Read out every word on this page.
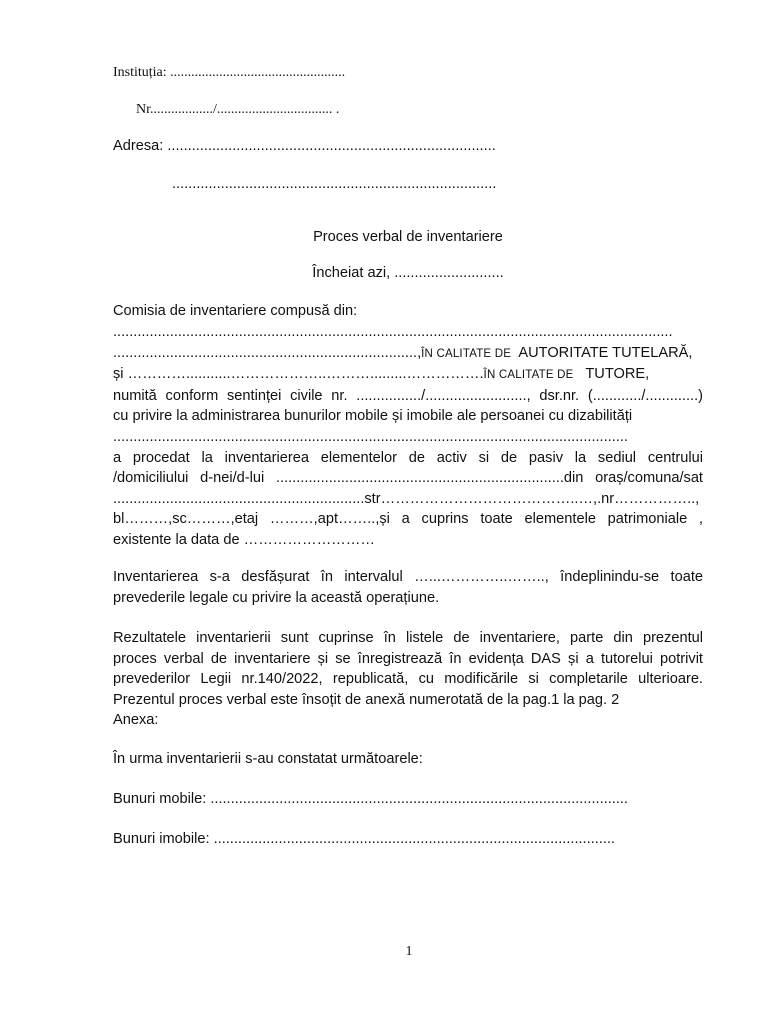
Instituția: ..................................................
Nr................../................................. .
Adresa: .................................................................................
................................................................................
Proces verbal de inventariere
Încheiat azi, ...........................
Comisia de inventariere compusă din:
..........................................................................................................................................
...........................................................................,ÎN CALITATE DE AUTORITATE TUTELARĂ,
și …………...........………………..……….........…………….ÎN CALITATE DE TUTORE,
numită conform sentinței civile nr. ................/........................., dsr.nr. (............/.............)
cu privire la administrarea bunurilor mobile și imobile ale persoanei cu dizabilități
...............................................................................................................................
a procedat la inventarierea elementelor de activ si de pasiv la sediul centrului
/domiciliului d-nei/d-lui .......................................................................din oraș/comuna/sat
..............................................................str…………………………………..…,.nr……………..,
bl………,sc………,etaj ………,apt……..,și a cuprins toate elementele patrimoniale ,
existente la data de ………………………
Inventarierea s-a desfășurat în intervalul …...…………..…….., îndeplinindu-se toate
prevederile legale cu privire la această operațiune.
Rezultatele inventarierii sunt cuprinse în listele de inventariere, parte din prezentul
proces verbal de inventariere și se înregistrează în evidența DAS și a tutorelui potrivit
prevederilor Legii nr.140/2022, republicată, cu modificările si completarile ulterioare.
Prezentul proces verbal este însoțit de anexă numerotată de la pag.1 la pag. 2
Anexa:
În urma inventarierii s-au constatat următoarele:
Bunuri mobile: .......................................................................................................
Bunuri imobile: ...................................................................................................
1
